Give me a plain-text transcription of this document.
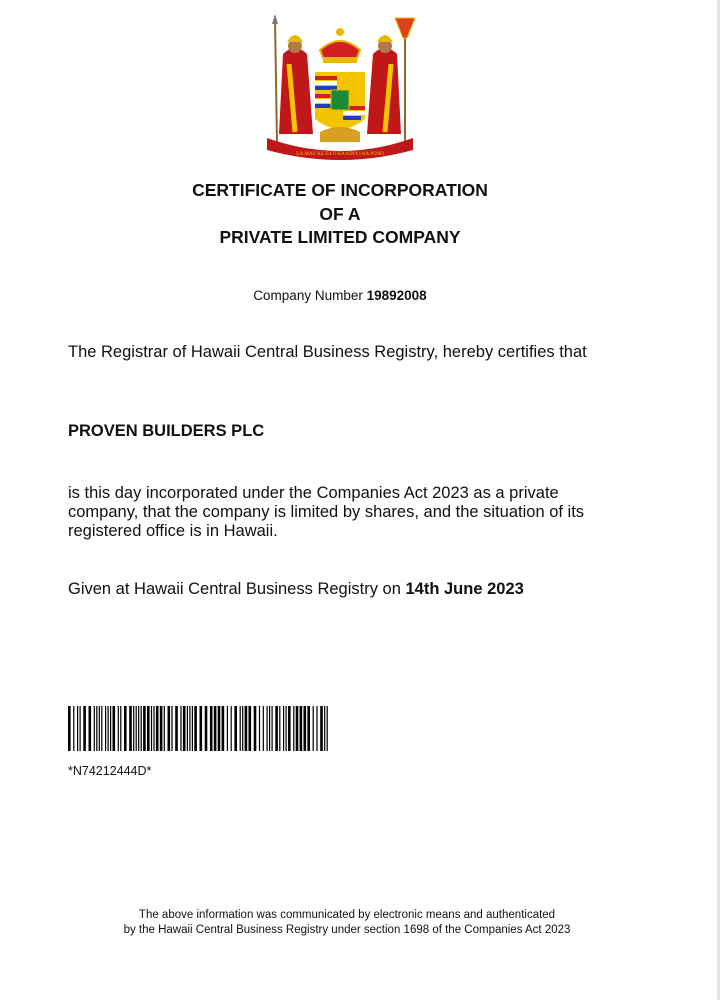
UA MAU KE EA O KA AINA I KA PONO
CERTIFICATE OF INCORPORATION
OF A
PRIVATE LIMITED COMPANY
Company Number 19892008
The Registrar of Hawaii Central Business Registry, hereby certifies that
PROVEN BUILDERS PLC
is this day incorporated under the Companies Act 2023 as a private company, that the company is limited by shares, and the situation of its registered office is in Hawaii.
Given at Hawaii Central Business Registry on 14th June 2023
*N74212444D*
The above information was communicated by electronic means and authenticated
by the Hawaii Central Business Registry under section 1698 of the Companies Act 2023
